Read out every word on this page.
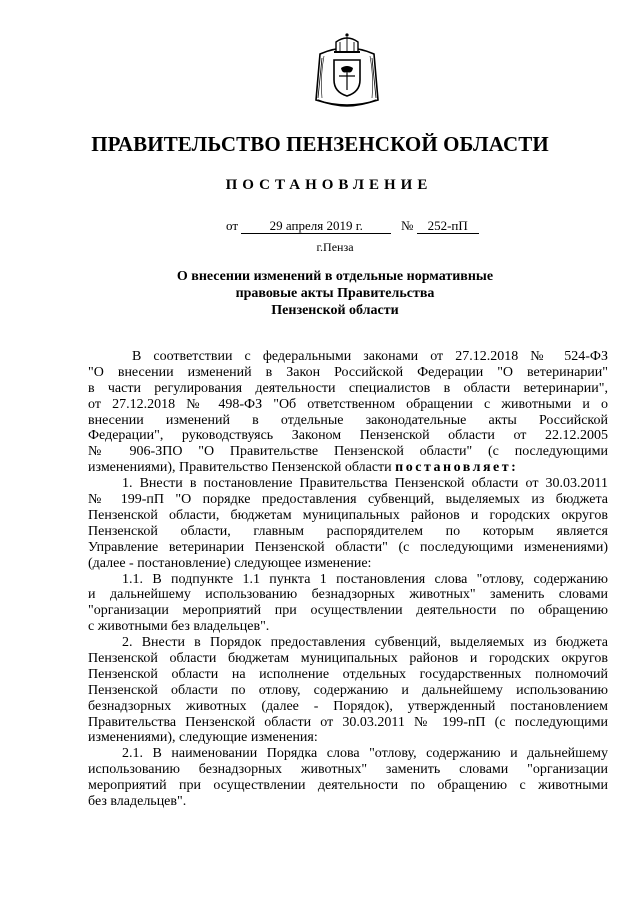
ПРАВИТЕЛЬСТВО ПЕНЗЕНСКОЙ ОБЛАСТИ
ПОСТАНОВЛЕНИЕ
от 29 апреля 2019 г.	№ 252-пП
г.Пенза
О внесении изменений в отдельные нормативные
правовые акты Правительства
Пензенской области
В соответствии с федеральными законами от 27.12.2018 № 524-ФЗ
"О внесении изменений в Закон Российской Федерации "О ветеринарии"
в части регулирования деятельности специалистов в области ветеринарии",
от 27.12.2018 № 498-ФЗ "Об ответственном обращении с животными и о
внесении изменений в отдельные законодательные акты Российской
Федерации", руководствуясь Законом Пензенской области от 22.12.2005
№ 906-ЗПО "О Правительстве Пензенской области" (с последующими
изменениями), Правительство Пензенской области постановляет:
1. Внести в постановление Правительства Пензенской области от 30.03.2011
№ 199-пП "О порядке предоставления субвенций, выделяемых из бюджета
Пензенской области, бюджетам муниципальных районов и городских округов
Пензенской области, главным распорядителем по которым является
Управление ветеринарии Пензенской области" (с последующими изменениями)
(далее - постановление) следующее изменение:
1.1. В подпункте 1.1 пункта 1 постановления слова "отлову, содержанию
и дальнейшему использованию безнадзорных животных" заменить словами
"организации мероприятий при осуществлении деятельности по обращению
с животными без владельцев".
2. Внести в Порядок предоставления субвенций, выделяемых из бюджета
Пензенской области бюджетам муниципальных районов и городских округов
Пензенской области на исполнение отдельных государственных полномочий
Пензенской области по отлову, содержанию и дальнейшему использованию
безнадзорных животных (далее - Порядок), утвержденный постановлением
Правительства Пензенской области от 30.03.2011 № 199-пП (с последующими
изменениями), следующие изменения:
2.1. В наименовании Порядка слова "отлову, содержанию и дальнейшему
использованию безнадзорных животных" заменить словами "организации
мероприятий при осуществлении деятельности по обращению с животными
без владельцев".
